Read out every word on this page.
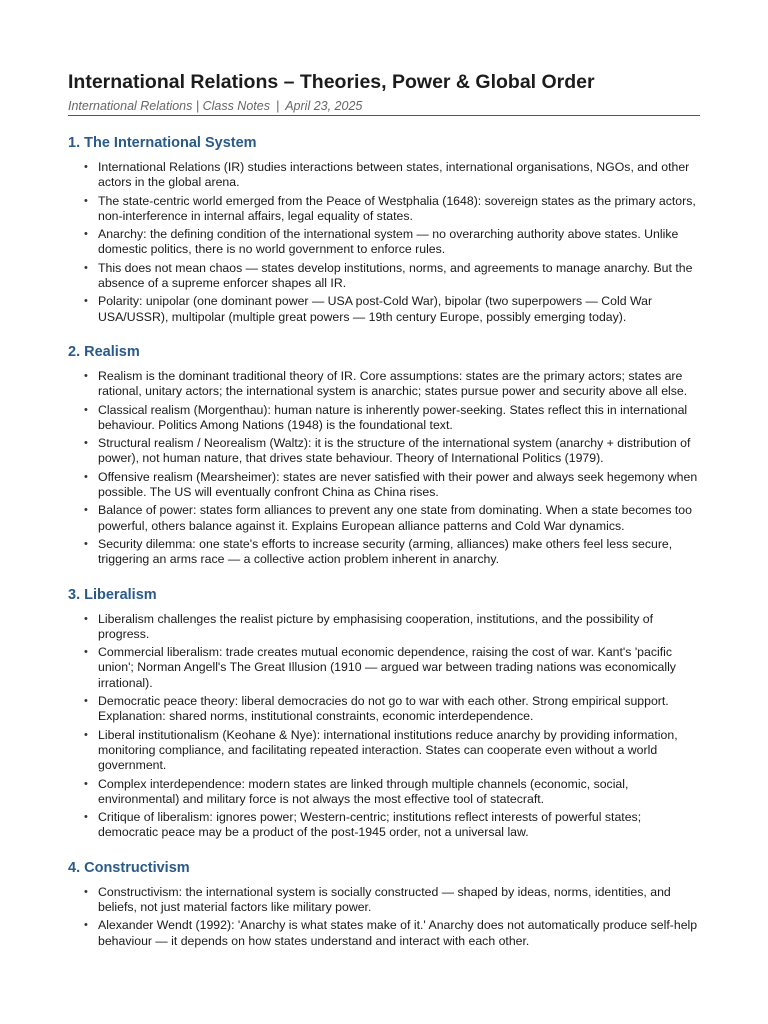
International Relations – Theories, Power & Global Order
International Relations | Class Notes | April 23, 2025
1. The International System
• International Relations (IR) studies interactions between states, international organisations, NGOs, and other actors in the global arena.
• The state-centric world emerged from the Peace of Westphalia (1648): sovereign states as the primary actors, non-interference in internal affairs, legal equality of states.
• Anarchy: the defining condition of the international system — no overarching authority above states. Unlike domestic politics, there is no world government to enforce rules.
• This does not mean chaos — states develop institutions, norms, and agreements to manage anarchy. But the absence of a supreme enforcer shapes all IR.
• Polarity: unipolar (one dominant power — USA post-Cold War), bipolar (two superpowers — Cold War USA/USSR), multipolar (multiple great powers — 19th century Europe, possibly emerging today).
2. Realism
• Realism is the dominant traditional theory of IR. Core assumptions: states are the primary actors; states are rational, unitary actors; the international system is anarchic; states pursue power and security above all else.
• Classical realism (Morgenthau): human nature is inherently power-seeking. States reflect this in international behaviour. Politics Among Nations (1948) is the foundational text.
• Structural realism / Neorealism (Waltz): it is the structure of the international system (anarchy + distribution of power), not human nature, that drives state behaviour. Theory of International Politics (1979).
• Offensive realism (Mearsheimer): states are never satisfied with their power and always seek hegemony when possible. The US will eventually confront China as China rises.
• Balance of power: states form alliances to prevent any one state from dominating. When a state becomes too powerful, others balance against it. Explains European alliance patterns and Cold War dynamics.
• Security dilemma: one state's efforts to increase security (arming, alliances) make others feel less secure, triggering an arms race — a collective action problem inherent in anarchy.
3. Liberalism
• Liberalism challenges the realist picture by emphasising cooperation, institutions, and the possibility of progress.
• Commercial liberalism: trade creates mutual economic dependence, raising the cost of war. Kant's 'pacific union'; Norman Angell's The Great Illusion (1910 — argued war between trading nations was economically irrational).
• Democratic peace theory: liberal democracies do not go to war with each other. Strong empirical support. Explanation: shared norms, institutional constraints, economic interdependence.
• Liberal institutionalism (Keohane & Nye): international institutions reduce anarchy by providing information, monitoring compliance, and facilitating repeated interaction. States can cooperate even without a world government.
• Complex interdependence: modern states are linked through multiple channels (economic, social, environmental) and military force is not always the most effective tool of statecraft.
• Critique of liberalism: ignores power; Western-centric; institutions reflect interests of powerful states; democratic peace may be a product of the post-1945 order, not a universal law.
4. Constructivism
• Constructivism: the international system is socially constructed — shaped by ideas, norms, identities, and beliefs, not just material factors like military power.
• Alexander Wendt (1992): 'Anarchy is what states make of it.' Anarchy does not automatically produce self-help behaviour — it depends on how states understand and interact with each other.
